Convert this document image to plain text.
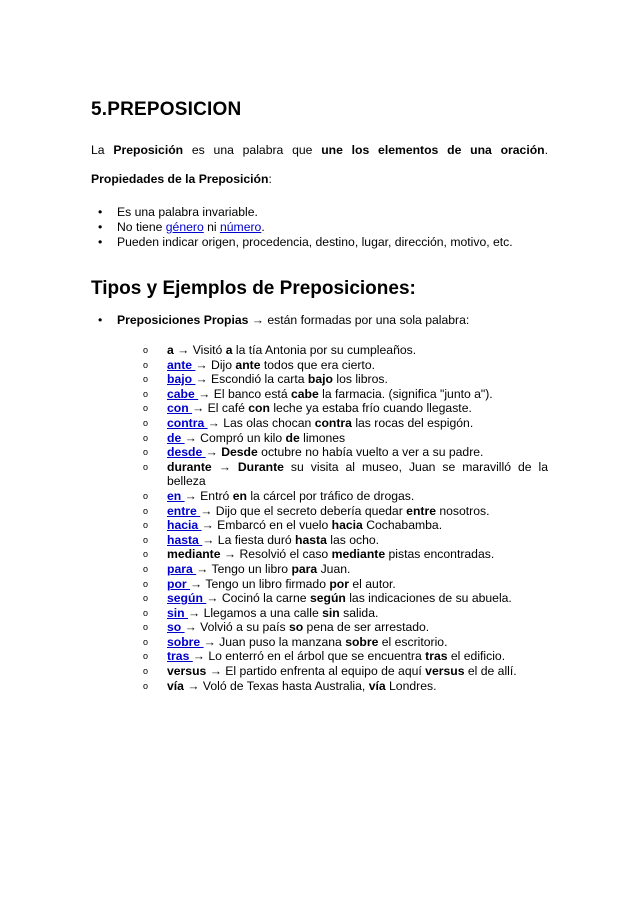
5.PREPOSICION

La Preposición es una palabra que une los elementos de una oración.

Propiedades de la Preposición:

• Es una palabra invariable.
• No tiene género ni número.
• Pueden indicar origen, procedencia, destino, lugar, dirección, motivo, etc.
Tipos y Ejemplos de Preposiciones:
• Preposiciones Propias → están formadas por una sola palabra:
o a → Visitó a la tía Antonia por su cumpleaños.
o ante → Dijo ante todos que era cierto.
o bajo → Escondió la carta bajo los libros.
o cabe → El banco está cabe la farmacia. (significa "junto a").
o con → El café con leche ya estaba frío cuando llegaste.
o contra → Las olas chocan contra las rocas del espigón.
o de → Compró un kilo de limones
o desde → Desde octubre no había vuelto a ver a su padre.
o durante → Durante su visita al museo, Juan se maravilló de la belleza
o en → Entró en la cárcel por tráfico de drogas.
o entre → Dijo que el secreto debería quedar entre nosotros.
o hacia → Embarcó en el vuelo hacia Cochabamba.
o hasta → La fiesta duró hasta las ocho.
o mediante → Resolvió el caso mediante pistas encontradas.
o para → Tengo un libro para Juan.
o por → Tengo un libro firmado por el autor.
o según → Cocinó la carne según las indicaciones de su abuela.
o sin → Llegamos a una calle sin salida.
o so → Volvió a su país so pena de ser arrestado.
o sobre → Juan puso la manzana sobre el escritorio.
o tras → Lo enterró en el árbol que se encuentra tras el edificio.
o versus → El partido enfrenta al equipo de aquí versus el de allí.
o vía → Voló de Texas hasta Australia, vía Londres.
